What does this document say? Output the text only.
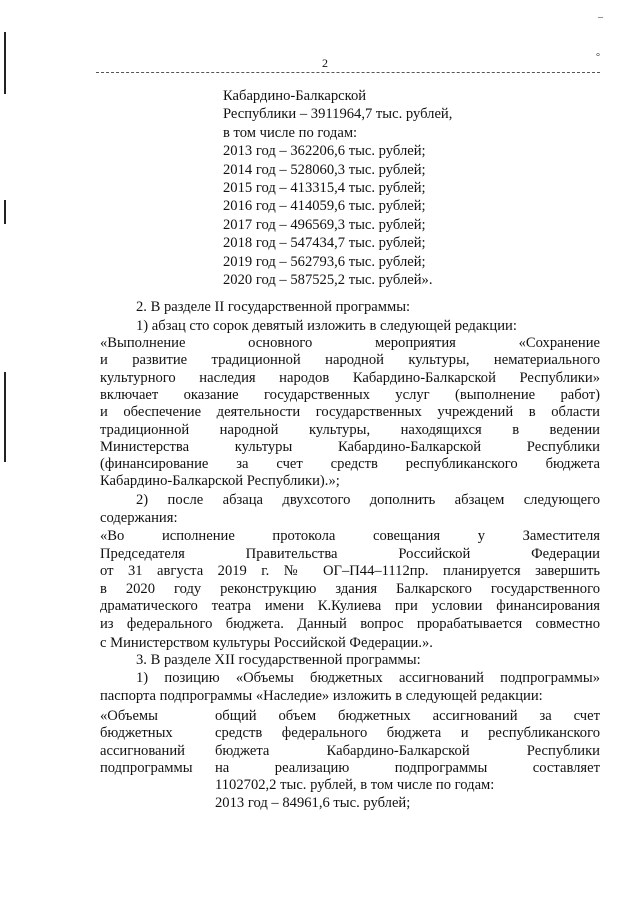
–
°
2
Кабардино-Балкарской
Республики – 3911964,7 тыс. рублей,
в том числе по годам:
2013 год – 362206,6 тыс. рублей;
2014 год – 528060,3 тыс. рублей;
2015 год – 413315,4 тыс. рублей;
2016 год – 414059,6 тыс. рублей;
2017 год – 496569,3 тыс. рублей;
2018 год – 547434,7 тыс. рублей;
2019 год – 562793,6 тыс. рублей;
2020 год – 587525,2 тыс. рублей».
2. В разделе II государственной программы:
1) абзац сто сорок девятый изложить в следующей редакции:
«Выполнение основного мероприятия «Сохранение
и развитие традиционной народной культуры, нематериального
культурного наследия народов Кабардино-Балкарской Республики»
включает оказание государственных услуг (выполнение работ)
и обеспечение деятельности государственных учреждений в области
традиционной народной культуры, находящихся в ведении
Министерства культуры Кабардино-Балкарской Республики
(финансирование за счет средств республиканского бюджета
Кабардино-Балкарской Республики).»;
2) после абзаца двухсотого дополнить абзацем следующего
содержания:
«Во исполнение протокола совещания у Заместителя
Председателя Правительства Российской Федерации
от 31 августа 2019 г. № ОГ–П44–1112пр. планируется завершить
в 2020 году реконструкцию здания Балкарского государственного
драматического театра имени К.Кулиева при условии финансирования
из федерального бюджета. Данный вопрос прорабатывается совместно
с Министерством культуры Российской Федерации.».
3. В разделе XII государственной программы:
1) позицию «Объемы бюджетных ассигнований подпрограммы»
паспорта подпрограммы «Наследие» изложить в следующей редакции:
«Объемы
бюджетных
ассигнований
подпрограммы
общий объем бюджетных ассигнований за счет
средств федерального бюджета и республиканского
бюджета Кабардино-Балкарской Республики
на реализацию подпрограммы составляет
1102702,2 тыс. рублей, в том числе по годам:
2013 год – 84961,6 тыс. рублей;
